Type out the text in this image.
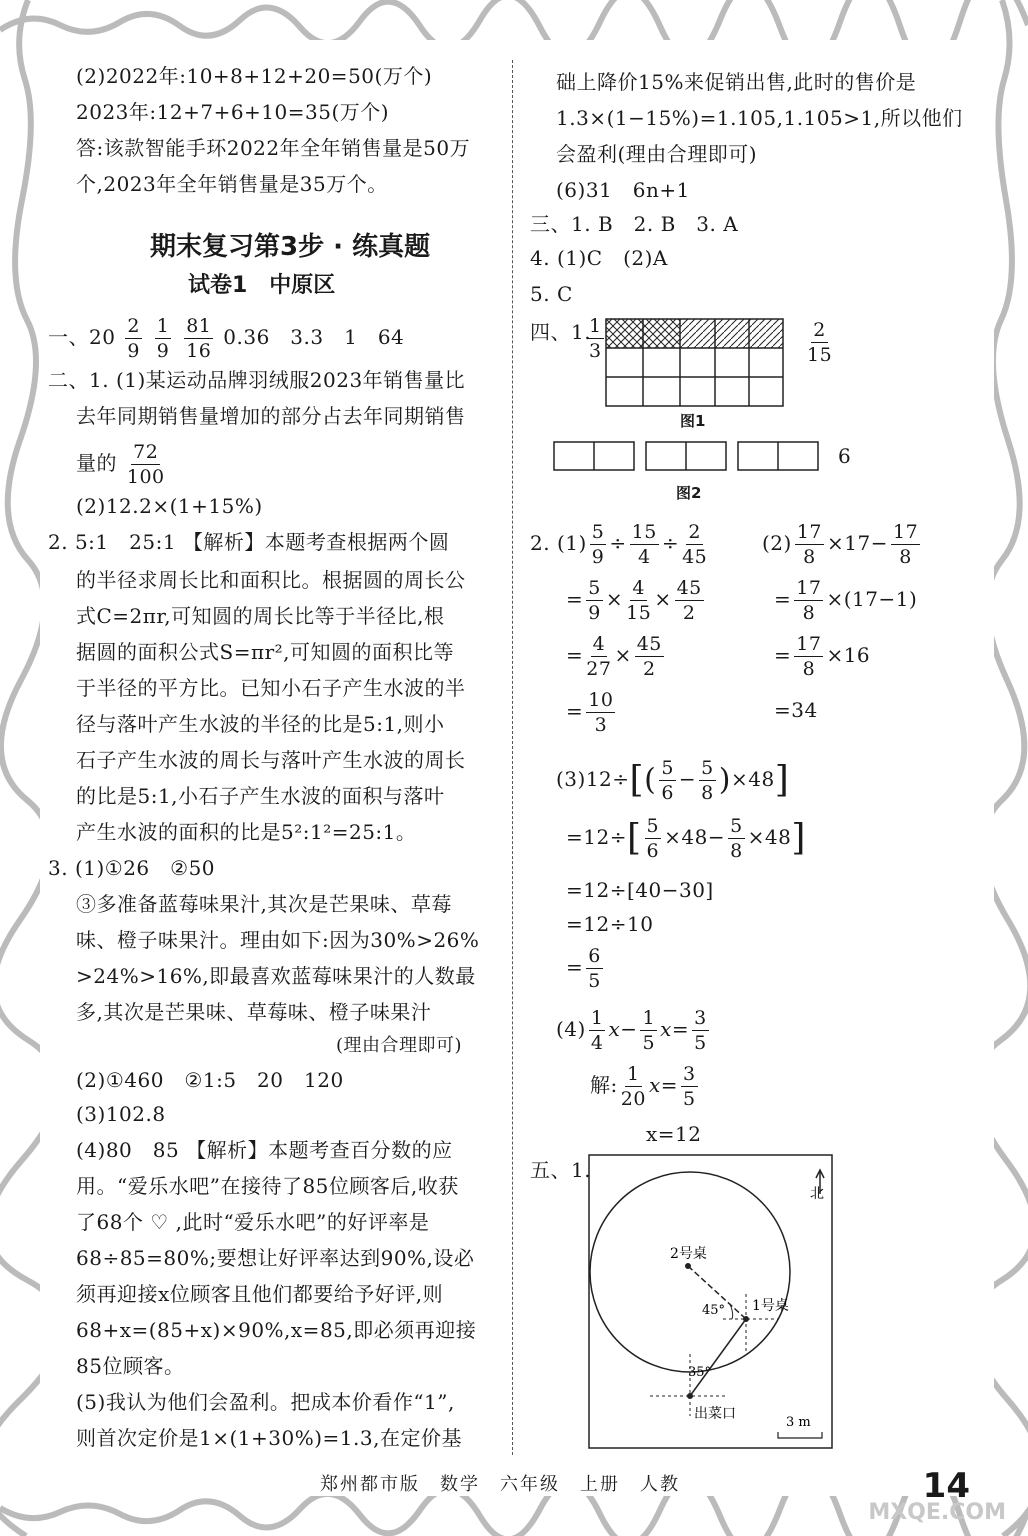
(2)2022年:10+8+12+20=50(万个)
2023年:12+7+6+10=35(万个)
答:该款智能手环2022年全年销售量是50万
个,2023年全年销售量是35万个。
期末复习第3步 · 练真题
试卷1　中原区
一、$20 \frac{2}{9}$
$\frac{1}{9}$
$\frac{81}{16} 0.36$　3.3　1　64
二、1. (1)某运动品牌羽绒服2023年销售量比
去年同期销售量增加的部分占去年同期销售
量的 $\frac{72}{100}$
(2)12.2×(1+15%)
2. 5:1　25:1 【解析】本题考查根据两个圆
的半径求周长比和面积比。根据圆的周长公
式C=2πr,可知圆的周长比等于半径比,根
据圆的面积公式S=πr²,可知圆的面积比等
于半径的平方比。已知小石子产生水波的半
径与落叶产生水波的半径的比是5:1,则小
石子产生水波的周长与落叶产生水波的周长
的比是5:1,小石子产生水波的面积与落叶
产生水波的面积的比是5²:1²=25:1。
3. (1)①26　②50
③多准备蓝莓味果汁,其次是芒果味、草莓
味、橙子味果汁。理由如下:因为30%>26%
>24%>16%,即最喜欢蓝莓味果汁的人数最
多,其次是芒果味、草莓味、橙子味果汁
(理由合理即可)
(2)①460　②1:5　20　120
(3)102.8
(4)80　85 【解析】本题考查百分数的应
用。“爱乐水吧”在接待了85位顾客后,收获
了68个 ♡ ,此时“爱乐水吧”的好评率是
68÷85=80%;要想让好评率达到90%,设必
须再迎接x位顾客且他们都要给予好评,则
68+x=(85+x)×90%,x=85,即必须再迎接
85位顾客。
(5)我认为他们会盈利。把成本价看作“1”,
则首次定价是1×(1+30%)=1.3,在定价基
础上降价15%来促销出售,此时的售价是
1.3×(1−15%)=1.105,1.105>1,所以他们
会盈利(理由合理即可)
(6)31　6n+1
三、1. B　2. B　3. A
4. (1)C　(2)A
5. C
四、1.
$\frac{1}{3}$	$\frac{2}{15}$
图1
6
图2
2. $(1) \frac{5}{9} \div \frac{15}{4} \div \frac{2}{45}$
= $\frac{5}{9} \times \frac{4}{15} \times \frac{45}{2}$
= $\frac{4}{27} \times \frac{45}{2}$
= $\frac{10}{3}$
$(2) \frac{17}{8} \times 17- \frac{17}{8}$
= $\frac{17}{8} \times(17-1)$
= $\frac{17}{8} \times 16$
=34
$(3)12\div[( \frac{5}{6} - \frac{5}{8} )\times 48]$
$=12\div[ \frac{5}{6} \times 48- \frac{5}{8} \times 48]$
=12÷[40−30]
=12÷10
= $\frac{6}{5}$
$(4) \frac{1}{4} x- \frac{1}{5} x= \frac{3}{5}$
解: $\frac{1}{20} x= \frac{3}{5}$
x=12
五、1.
北
2号桌
1号桌
45°
35°
出菜口
3 m
郑州都市版　数学　六年级　上册　人教	14
MXQE.COM
